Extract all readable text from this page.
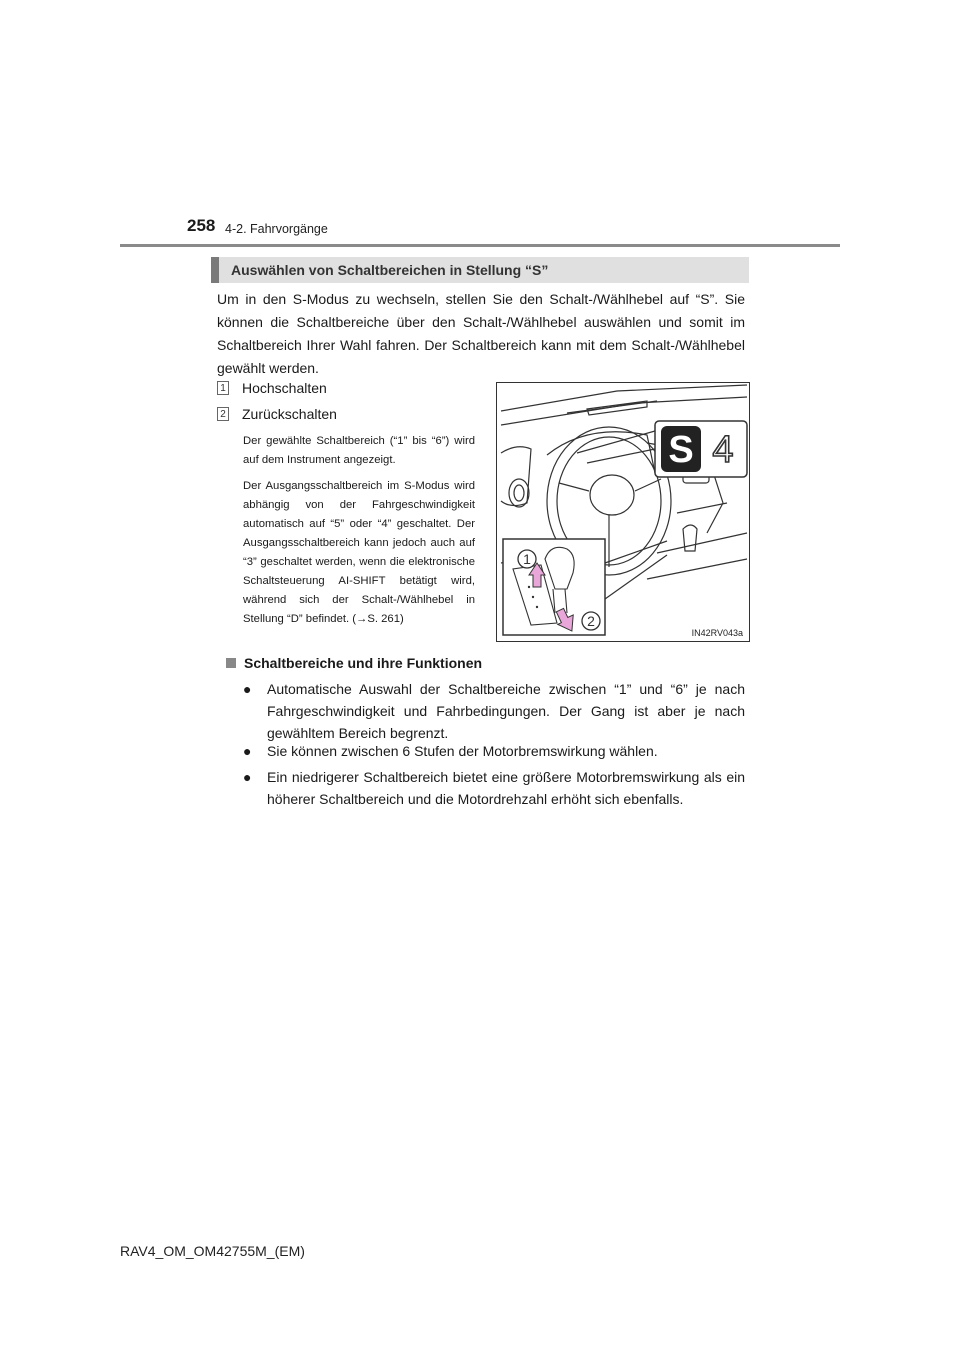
258 4-2. Fahrvorgänge
Auswählen von Schaltbereichen in Stellung “S”

Um in den S-Modus zu wechseln, stellen Sie den Schalt-/Wählhebel auf “S”. Sie können die Schaltbereiche über den Schalt-/Wählhebel auswählen und somit im Schaltbereich Ihrer Wahl fahren. Der Schaltbereich kann mit dem Schalt-/Wählhebel gewählt werden.

1 Hochschalten
2 Zurückschalten

Der gewählte Schaltbereich (“1” bis “6”) wird auf dem Instrument angezeigt.

Der Ausgangsschaltbereich im S-Modus wird abhängig von der Fahrgeschwindigkeit automatisch auf “5” oder “4” geschaltet. Der Ausgangsschaltbereich kann jedoch auch auf “3” geschaltet werden, wenn die elektronische Schaltsteuerung AI-SHIFT betätigt wird, während sich der Schalt-/Wählhebel in Stellung “D” befindet. (→S. 261)

S 4
1
2
IN42RV043a
Schaltbereiche und ihre Funktionen
●	Automatische Auswahl der Schaltbereiche zwischen “1” und “6” je nach Fahrgeschwindigkeit und Fahrbedingungen. Der Gang ist aber je nach gewähltem Bereich begrenzt.
●	Sie können zwischen 6 Stufen der Motorbremswirkung wählen.
●	Ein niedrigerer Schaltbereich bietet eine größere Motorbremswirkung als ein höherer Schaltbereich und die Motordrehzahl erhöht sich ebenfalls.
RAV4_OM_OM42755M_(EM)
